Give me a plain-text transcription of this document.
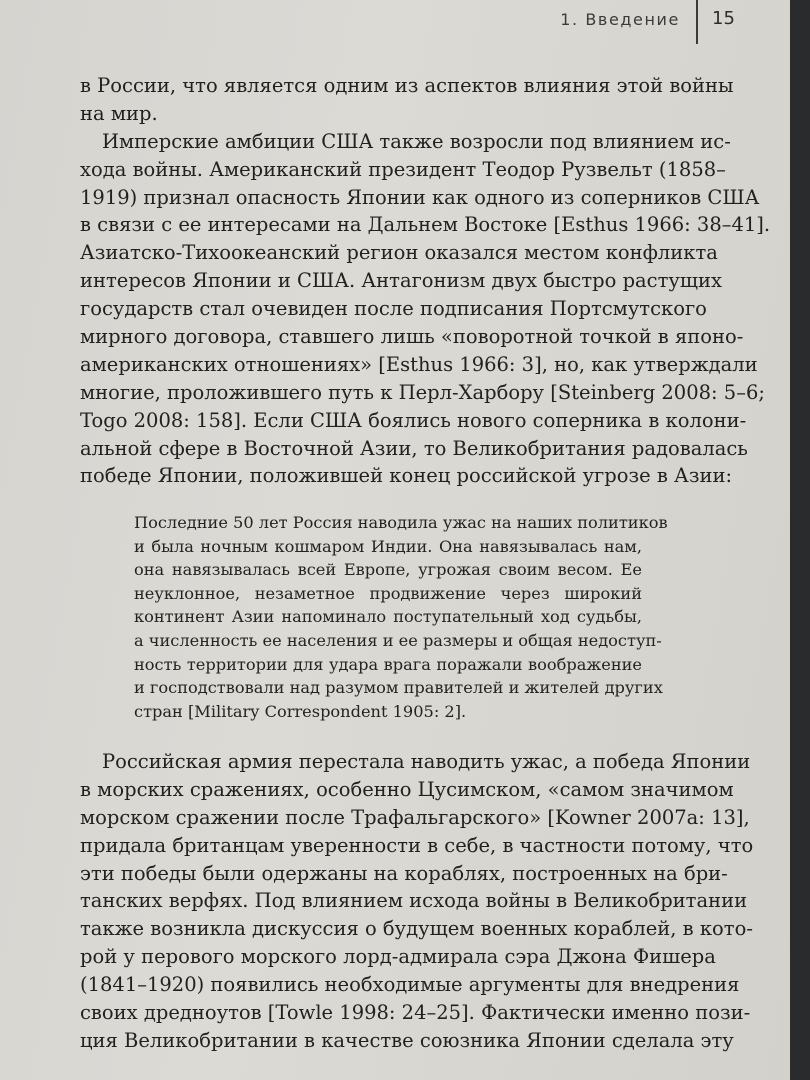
1. Введение 15
в России, что является одним из аспектов влияния этой войны
на мир.
Имперские амбиции США также возросли под влиянием ис-
хода войны. Американский президент Теодор Рузвельт (1858–
1919) признал опасность Японии как одного из соперников США
в связи с ее интересами на Дальнем Востоке [Esthus 1966: 38–41].
Азиатско-Тихоокеанский регион оказался местом конфликта
интересов Японии и США. Антагонизм двух быстро растущих
государств стал очевиден после подписания Портсмутского
мирного договора, ставшего лишь «поворотной точкой в японо-
американских отношениях» [Esthus 1966: 3], но, как утверждали
многие, проложившего путь к Перл-Харбору [Steinberg 2008: 5–6;
Togo 2008: 158]. Если США боялись нового соперника в колони-
альной сфере в Восточной Азии, то Великобритания радовалась
победе Японии, положившей конец российской угрозе в Азии:
Последние 50 лет Россия наводила ужас на наших политиков
и была ночным кошмаром Индии. Она навязывалась нам,
она навязывалась всей Европе, угрожая своим весом. Ее
неуклонное, незаметное продвижение через широкий
континент Азии напоминало поступательный ход судьбы,
а численность ее населения и ее размеры и общая недоступ-
ность территории для удара врага поражали воображение
и господствовали над разумом правителей и жителей других
стран [Military Correspondent 1905: 2].
Российская армия перестала наводить ужас, а победа Японии
в морских сражениях, особенно Цусимском, «самом значимом
морском сражении после Трафальгарского» [Kowner 2007a: 13],
придала британцам уверенности в себе, в частности потому, что
эти победы были одержаны на кораблях, построенных на бри-
танских верфях. Под влиянием исхода войны в Великобритании
также возникла дискуссия о будущем военных кораблей, в кото-
рой у перового морского лорд-адмирала сэра Джона Фишера
(1841–1920) появились необходимые аргументы для внедрения
своих дредноутов [Towle 1998: 24–25]. Фактически именно пози-
ция Великобритании в качестве союзника Японии сделала эту
